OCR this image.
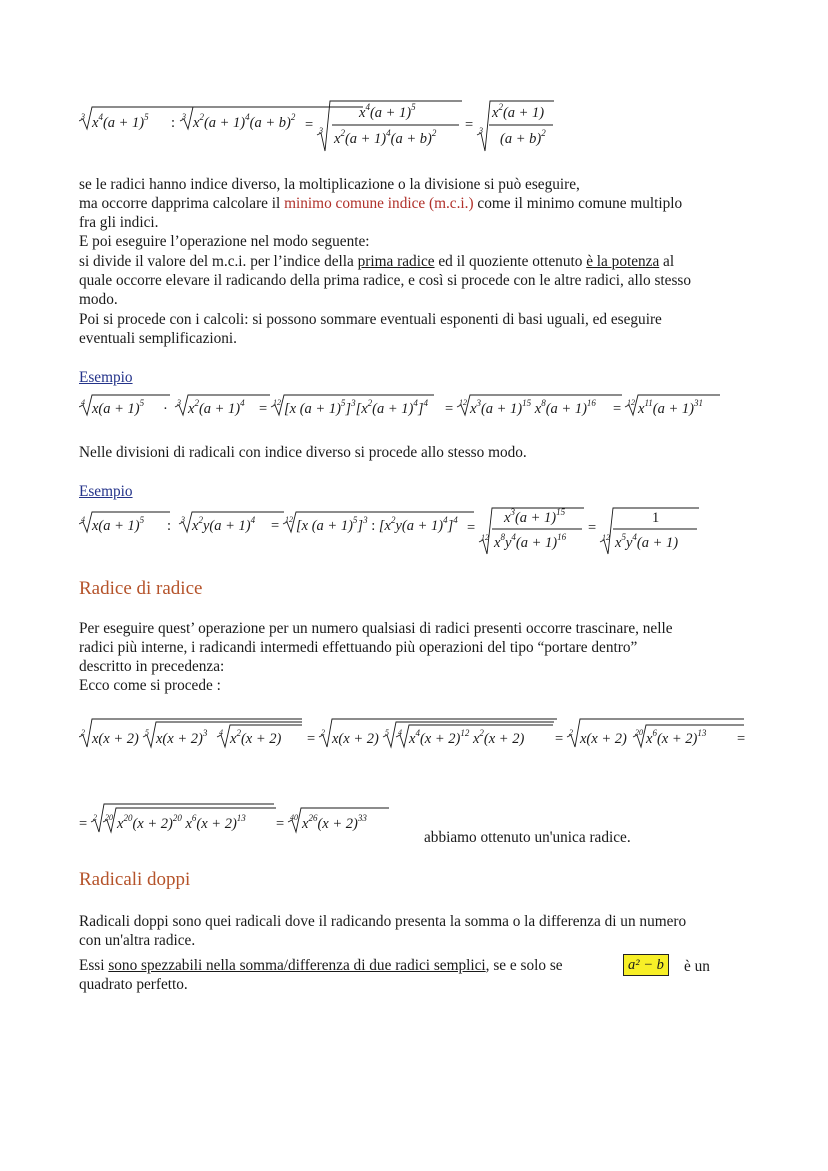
3 $x^4(a + 1)^5$ : 3 $x^2(a + 1)^4(a + b)^2 = 3$
$x^4(a + 1)^5$
$x^2(a + 1)^4(a + b)^2 = 3$
$x^2(a + 1)$
$(a + b)^2$
se le radici hanno indice diverso, la moltiplicazione o la divisione si può eseguire,
ma occorre dapprima calcolare il minimo comune indice (m.c.i.) come il minimo comune multiplo
fra gli indici.
E poi eseguire l’operazione nel modo seguente:
si divide il valore del m.c.i. per l’indice della prima radice ed il quoziente ottenuto è la potenza al
quale occorre elevare il radicando della prima radice, e così si procede con le altre radici, allo stesso
modo.
Poi si procede con i calcoli: si possono sommare eventuali esponenti di basi uguali, ed eseguire
eventuali semplificazioni.
Esempio
4 $x(a + 1)^5 \cdot 3$ $x^2(a + 1)^4 = 12$ [x $(a + 1)^5]^3[x^2(a + 1)^4]^4 = 12$ $x^3(a + 1)^{15}$ $x^8(a + 1)^{16} = 12$ $x^{11}(a + 1)^{31}$
Nelle divisioni di radicali con indice diverso si procede allo stesso modo.
Esempio
4 $x(a + 1)^5$ : 3 $x^2y(a + 1)^4 = 12$ [x $(a + 1)^5]^3$ : $[x^2y(a + 1)^4]^4$ =
12
$x^3(a + 1)^{15}$
$x^8y^4(a + 1)^{16}$
=
12
1
$x^5y^4(a + 1)$
Radice di radice
Per eseguire quest’ operazione per un numero qualsiasi di radici presenti occorre trascinare, nelle
radici più interne, i radicandi intermedi effettuando più operazioni del tipo “portare dentro”
descritto in precedenza:
Ecco come si procede :
2 x(x + 2) 5 $x(x + 2)^3$ 4 $x^2(x + 2) = 2$ x(x + 2) 5 4 $x^4(x + 2)^{12}$ $x^2(x + 2) = 2$ x(x + 2) 20 $x^6(x + 2)^{13}$ =
= 2 20 $x^{20}(x + 2)^{20}$ $x^6(x + 2)^{13} = 40$ $x^{26}(x + 2)^{33}$
abbiamo ottenuto un'unica radice.
Radicali doppi
Radicali doppi sono quei radicali dove il radicando presenta la somma o la differenza di un numero
con un'altra radice.
Essi sono spezzabili nella somma/differenza di due radici semplici, se e solo se	a² − b	è un
quadrato perfetto.
